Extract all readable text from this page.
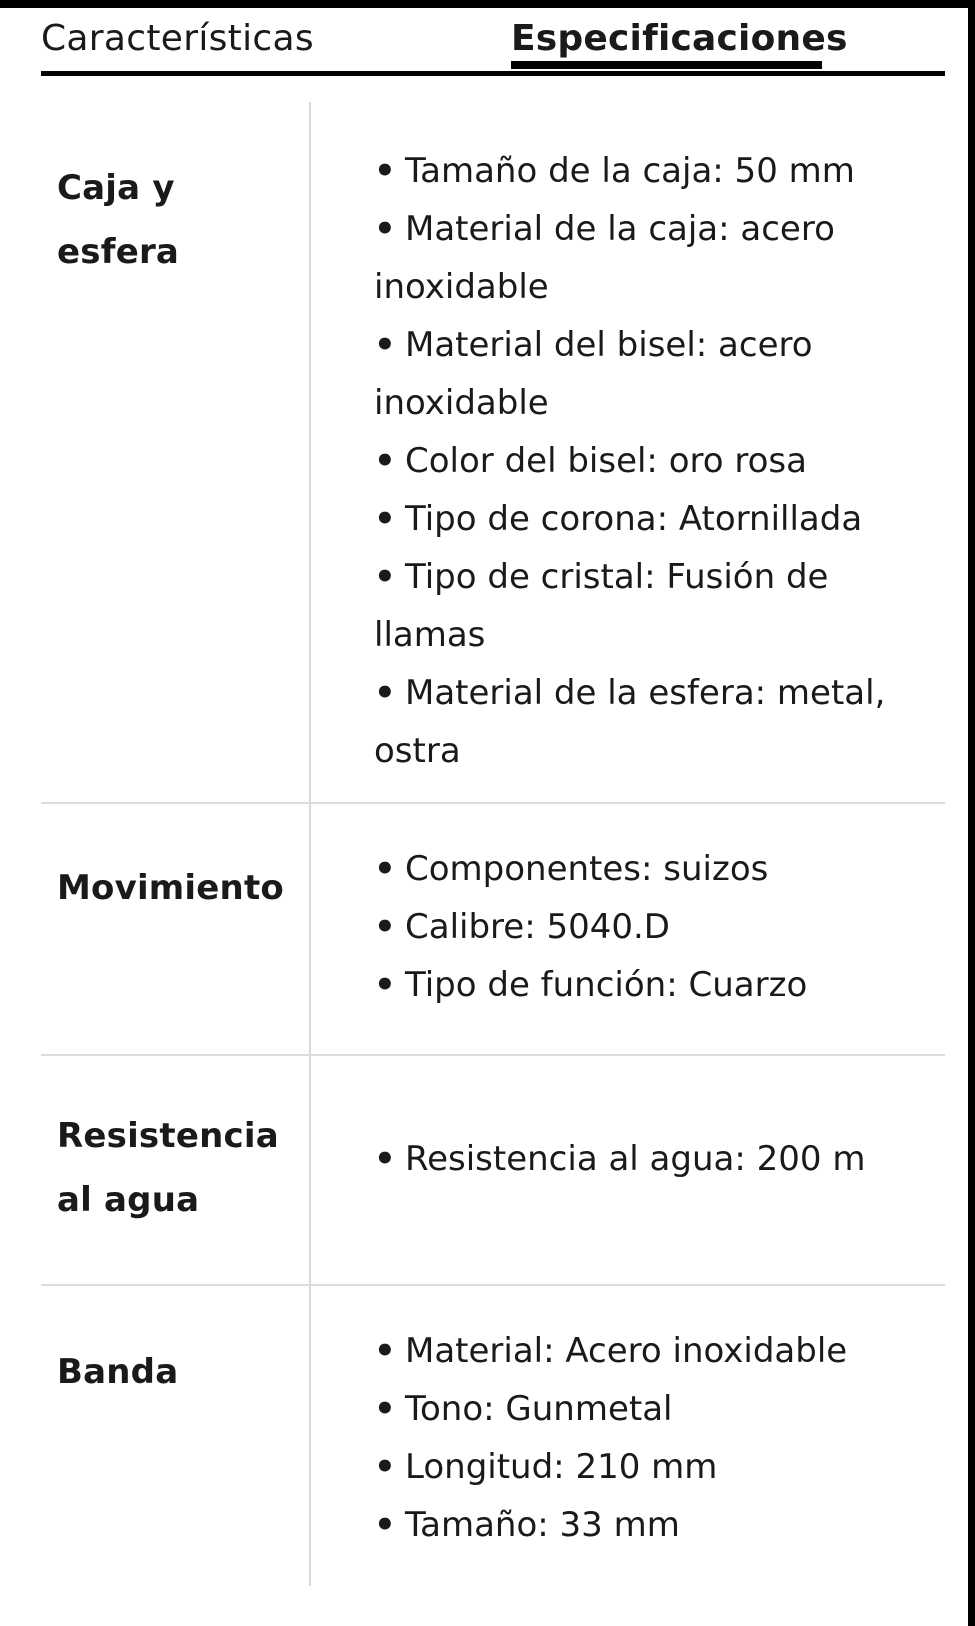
Características	Especificaciones
Caja y esfera
• Tamaño de la caja: 50 mm
• Material de la caja: acero inoxidable
• Material del bisel: acero inoxidable
• Color del bisel: oro rosa
• Tipo de corona: Atornillada
• Tipo de cristal: Fusión de llamas
• Material de la esfera: metal, ostra
Movimiento	• Componentes: suizos
• Calibre: 5040.D
• Tipo de función: Cuarzo
Resistencia al agua
• Resistencia al agua: 200 m
Banda
• Material: Acero inoxidable
• Tono: Gunmetal
• Longitud: 210 mm
• Tamaño: 33 mm
